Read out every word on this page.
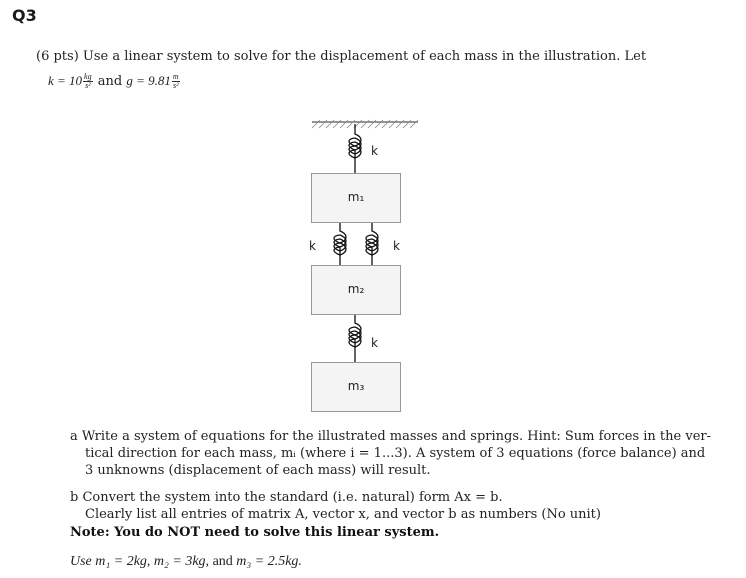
Q3
(6 pts) Use a linear system to solve for the displacement of each mass in the illustration. Let
$k = 10 \frac{kg}{\text{s²}}$ and $g = 9.81 \frac{m}{\text{s²}}$
m₁
m₂
m₃
k
k	k
k
a Write a system of equations for the illustrated masses and springs. Hint: Sum forces in the ver-
tical direction for each mass, mᵢ (where i = 1...3). A system of 3 equations (force balance) and
3 unknowns (displacement of each mass) will result.
b Convert the system into the standard (i.e. natural) form Ax = b.
Clearly list all entries of matrix A, vector x, and vector b as numbers (No unit)
Note: You do NOT need to solve this linear system.
Use m₁ = 2kg, m₂ = 3kg, and m₃ = 2.5kg.
